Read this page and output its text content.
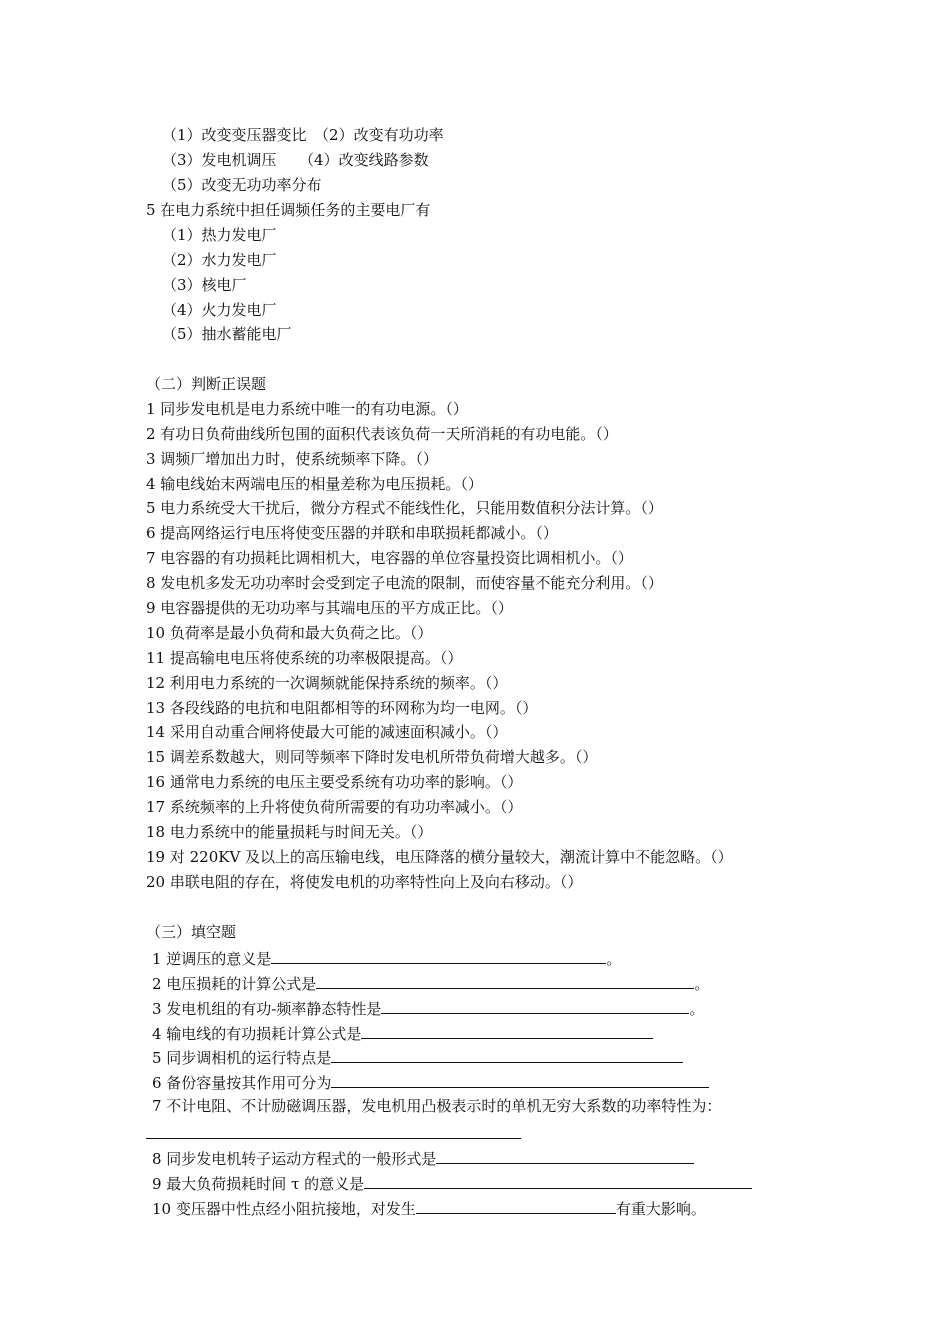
（1）改变变压器变比　（2）改变有功功率
（3）发电机调压　　（4）改变线路参数
（5）改变无功功率分布
5 在电力系统中担任调频任务的主要电厂有
（1）热力发电厂
（2）水力发电厂
（3）核电厂
（4）火力发电厂
（5）抽水蓄能电厂
（二）判断正误题
1 同步发电机是电力系统中唯一的有功电源。（）
2 有功日负荷曲线所包围的面积代表该负荷一天所消耗的有功电能。（）
3 调频厂增加出力时，使系统频率下降。（）
4 输电线始末两端电压的相量差称为电压损耗。（）
5 电力系统受大干扰后，微分方程式不能线性化，只能用数值积分法计算。（）
6 提高网络运行电压将使变压器的并联和串联损耗都减小。（）
7 电容器的有功损耗比调相机大，电容器的单位容量投资比调相机小。（）
8 发电机多发无功功率时会受到定子电流的限制，而使容量不能充分利用。（）
9 电容器提供的无功功率与其端电压的平方成正比。（）
10 负荷率是最小负荷和最大负荷之比。（）
11 提高输电电压将使系统的功率极限提高。（）
12 利用电力系统的一次调频就能保持系统的频率。（）
13 各段线路的电抗和电阻都相等的环网称为均一电网。（）
14 采用自动重合闸将使最大可能的减速面积减小。（）
15 调差系数越大，则同等频率下降时发电机所带负荷增大越多。（）
16 通常电力系统的电压主要受系统有功功率的影响。（）
17 系统频率的上升将使负荷所需要的有功功率减小。（）
18 电力系统中的能量损耗与时间无关。（）
19 对 220KV 及以上的高压输电线，电压降落的横分量较大，潮流计算中不能忽略。（）
20 串联电阻的存在，将使发电机的功率特性向上及向右移动。（）
（三）填空题
1 逆调压的意义是	。
2 电压损耗的计算公式是	。
3 发电机组的有功-频率静态特性是	。
4 输电线的有功损耗计算公式是
5 同步调相机的运行特点是
6 备份容量按其作用可分为
7 不计电阻、不计励磁调压器，发电机用凸极表示时的单机无穷大系数的功率特性为：
8 同步发电机转子运动方程式的一般形式是
9 最大负荷损耗时间 τ 的意义是
10 变压器中性点经小阻抗接地，对发生	有重大影响。
